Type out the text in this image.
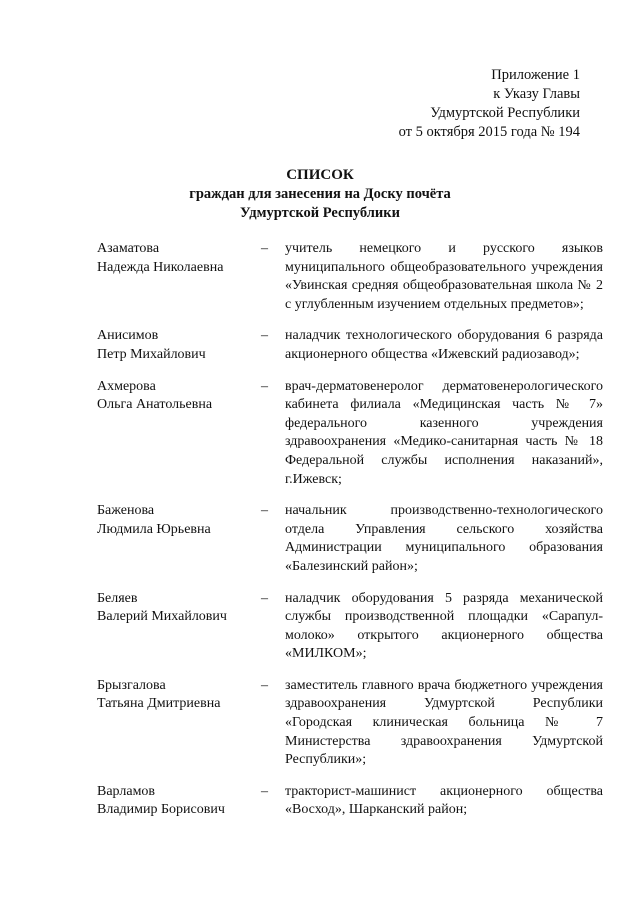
Приложение 1
к Указу Главы
Удмуртской Республики
от 5 октября 2015 года № 194
СПИСОК
граждан для занесения на Доску почёта
Удмуртской Республики
Азаматова
Надежда Николаевна
–	учитель немецкого и русского языков муниципального общеобразовательного учреждения «Увинская средняя общеобразовательная школа № 2 с углубленным изучением отдельных предметов»;
Анисимов
Петр Михайлович
–	наладчик технологического оборудования 6 разряда акционерного общества «Ижевский радиозавод»;
Ахмерова
Ольга Анатольевна
–	врач-дерматовенеролог дерматовенерологического кабинета филиала «Медицинская часть № 7» федерального казенного учреждения здравоохранения «Медико-санитарная часть № 18 Федеральной службы исполнения наказаний», г.Ижевск;
Баженова
Людмила Юрьевна
–	начальник производственно-технологического отдела Управления сельского хозяйства Администрации муниципального образования «Балезинский район»;
Беляев
Валерий Михайлович
–	наладчик оборудования 5 разряда механической службы производственной площадки «Сарапул-молоко» открытого акционерного общества «МИЛКОМ»;
Брызгалова
Татьяна Дмитриевна
–	заместитель главного врача бюджетного учреждения здравоохранения Удмуртской Республики «Городская клиническая больница № 7 Министерства здравоохранения Удмуртской Республики»;
Варламов
Владимир Борисович
–	тракторист-машинист акционерного общества «Восход», Шарканский район;
